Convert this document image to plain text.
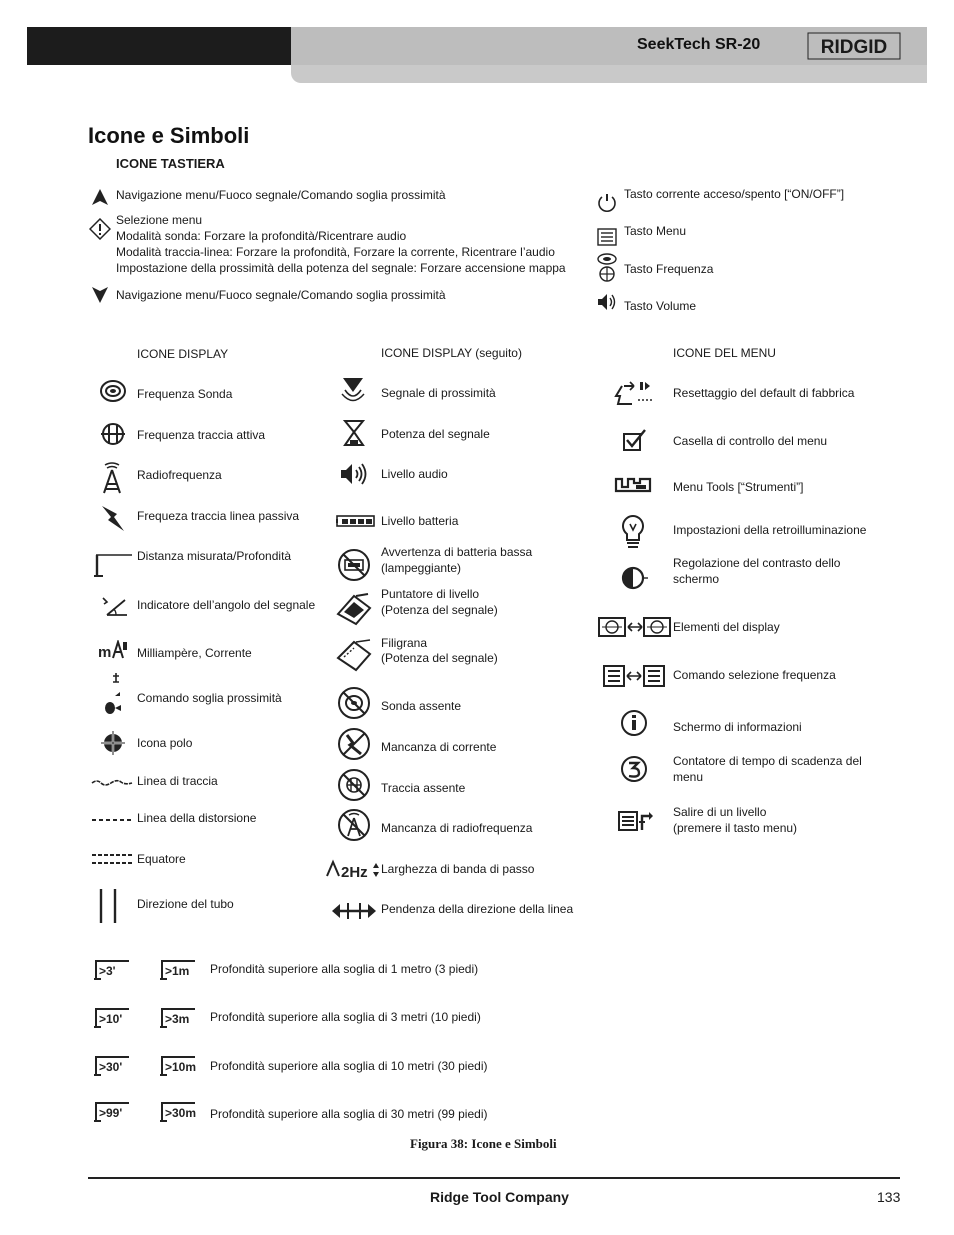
SeekTech SR-20	RIDGID
Icone e Simboli
ICONE TASTIERA
Navigazione menu/Fuoco segnale/Comando soglia prossimità
Selezione menu
Modalità sonda: Forzare la profondità/Ricentrare audio
Modalità traccia-linea: Forzare la profondità, Forzare la corrente, Ricentrare l’audio
Impostazione della prossimità della potenza del segnale: Forzare accensione mappa
Navigazione menu/Fuoco segnale/Comando soglia prossimità
Tasto corrente acceso/spento [“ON/OFF”]
Tasto Menu
Tasto Frequenza
Tasto Volume
ICONE DISPLAY
Frequenza Sonda
Frequenza traccia attiva
Radiofrequenza
Frequeza traccia linea passiva
Distanza misurata/Profondità
Indicatore dell’angolo del segnale
m Milliampère, Corrente
Comando soglia prossimità
Icona polo
Linea di traccia
Linea della distorsione
Equatore
Direzione del tubo
ICONE DISPLAY (seguito)
Segnale di prossimità
Potenza del segnale
Livello audio
Livello batteria
Avvertenza di batteria bassa
(lampeggiante)
Puntatore di livello
(Potenza del segnale)
Filigrana
(Potenza del segnale)
Sonda assente
Mancanza di corrente
Traccia assente
Mancanza di radiofrequenza
2Hz Larghezza di banda di passo
Pendenza della direzione della linea
ICONE DEL MENU
Resettaggio del default di fabbrica
Casella di controllo del menu
Menu Tools [“Strumenti”]
Impostazioni della retroilluminazione
Regolazione del contrasto dello
schermo
Elementi del display
Comando selezione frequenza
Schermo di informazioni
Contatore di tempo di scadenza del
menu
Salire di un livello
(premere il tasto menu)
>3'	>1m Profondità superiore alla soglia di 1 metro (3 piedi)
>10'	>3m Profondità superiore alla soglia di 3 metri (10 piedi)
>30'	>10m Profondità superiore alla soglia di 10 metri (30 piedi)
>99'	>30m Profondità superiore alla soglia di 30 metri (99 piedi)
Figura 38: Icone e Simboli
Ridge Tool Company	133
